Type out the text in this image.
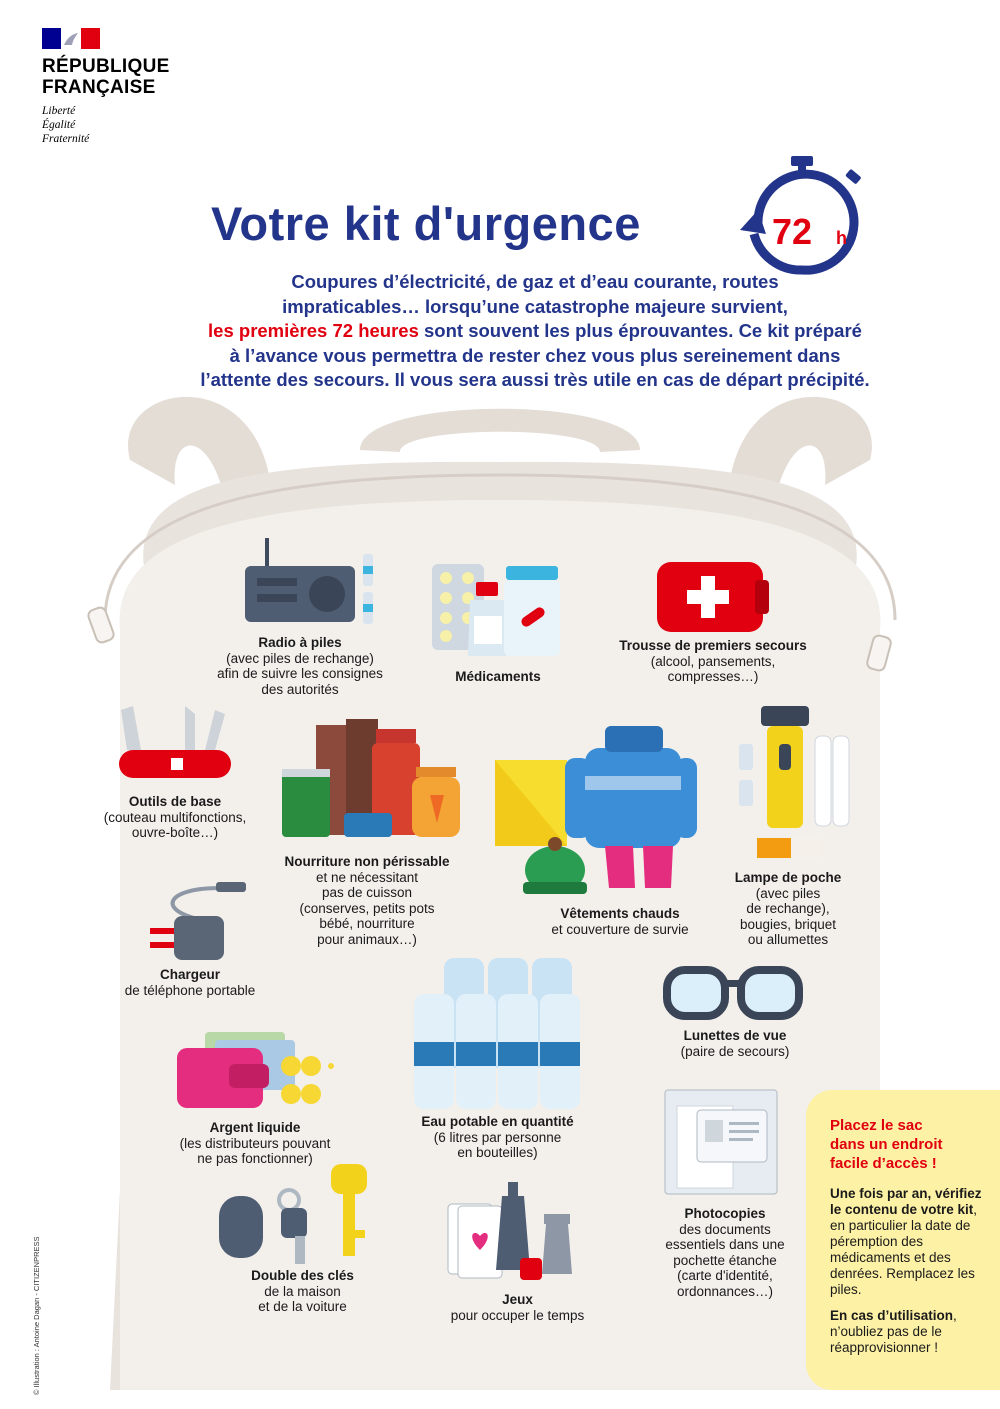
RÉPUBLIQUE
FRANÇAISE
Liberté
Égalité
Fraternité
Votre kit d'urgence	72 h
Coupures d’électricité, de gaz et d’eau courante, routes
impraticables… lorsqu’une catastrophe majeure survient,
les premières 72 heures sont souvent les plus éprouvantes. Ce kit préparé
à l’avance vous permettra de rester chez vous plus sereinement dans
l’attente des secours. Il vous sera aussi très utile en cas de départ précipité.
Radio à piles
(avec piles de rechange)
afin de suivre les consignes
des autorités
Médicaments
Trousse de premiers secours
(alcool, pansements,
compresses…)
Outils de base
(couteau multifonctions,
ouvre-boîte…)
Nourriture non périssable
et ne nécessitant
pas de cuisson
(conserves, petits pots
bébé, nourriture
pour animaux…)
Vêtements chauds
et couverture de survie
Lampe de poche
(avec piles
de rechange),
bougies, briquet
ou allumettes
Chargeur
de téléphone portable
Lunettes de vue
(paire de secours)
Argent liquide
(les distributeurs pouvant
ne pas fonctionner)
Eau potable en quantité
(6 litres par personne
en bouteilles)
Photocopies
des documents
essentiels dans une
pochette étanche
(carte d'identité,
ordonnances…)
Double des clés
de la maison
et de la voiture	Jeux
pour occuper le temps
Placez le sac
dans un endroit
facile d’accès !

Une fois par an, vérifiez le contenu de votre kit, en particulier la date de péremption des médicaments et des denrées. Remplacez les piles.

En cas d’utilisation, n’oubliez pas de le réapprovisionner !

© Illustration : Antoine Dagan - CITIZENPRESS
